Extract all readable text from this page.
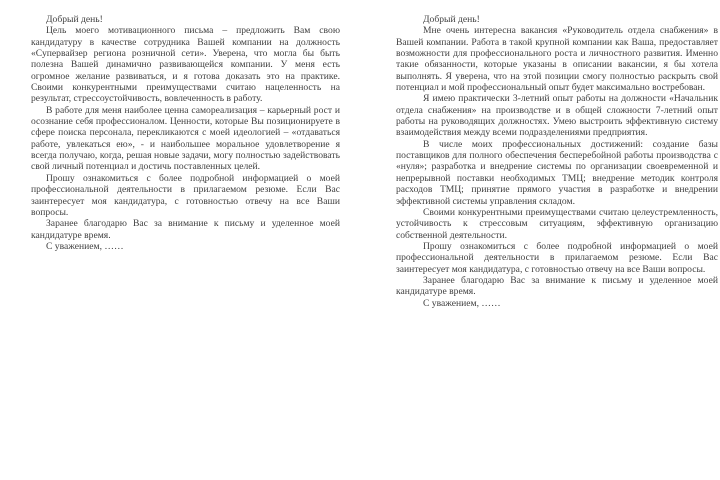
Добрый день!

Цель моего мотивационного письма – предложить Вам свою кандидатуру в качестве сотрудника Вашей компании на должность «Супервайзер региона розничной сети». Уверена, что могла бы быть полезна Вашей динамично развивающейся компании. У меня есть огромное желание развиваться, и я готова доказать это на практике. Своими конкурентными преимуществами считаю нацеленность на результат, стрессоустойчивость, вовлеченность в работу.

В работе для меня наиболее ценна самореализация – карьерный рост и осознание себя профессионалом. Ценности, которые Вы позиционируете в сфере поиска персонала, перекликаются с моей идеологией – «отдаваться работе, увлекаться ею», - и наибольшее моральное удовлетворение я всегда получаю, когда, решая новые задачи, могу полностью задействовать свой личный потенциал и достичь поставленных целей.

Прошу ознакомиться с более подробной информацией о моей профессиональной деятельности в прилагаемом резюме. Если Вас заинтересует моя кандидатура, с готовностью отвечу на все Ваши вопросы.

Заранее благодарю Вас за внимание к письму и уделенное моей кандидатуре время.

С уважением, ……

Добрый день!

Мне очень интересна вакансия «Руководитель отдела снабжения» в Вашей компании. Работа в такой крупной компании как Ваша, предоставляет возможности для профессионального роста и личностного развития. Именно такие обязанности, которые указаны в описании вакансии, я бы хотела выполнять. Я уверена, что на этой позиции смогу полностью раскрыть свой потенциал и мой профессиональный опыт будет максимально востребован.

Я имею практически 3-летний опыт работы на должности «Начальник отдела снабжения» на производстве и в общей сложности 7-летний опыт работы на руководящих должностях. Умею выстроить эффективную систему взаимодействия между всеми подразделениями предприятия.

В числе моих профессиональных достижений: создание базы поставщиков для полного обеспечения бесперебойной работы производства с «нуля»; разработка и внедрение системы по организации своевременной и непрерывной поставки необходимых ТМЦ; внедрение методик контроля расходов ТМЦ; принятие прямого участия в разработке и внедрении эффективной системы управления складом.

Своими конкурентными преимуществами считаю целеустремленность, устойчивость к стрессовым ситуациям, эффективную организацию собственной деятельности.

Прошу ознакомиться с более подробной информацией о моей профессиональной деятельности в прилагаемом резюме. Если Вас заинтересует моя кандидатура, с готовностью отвечу на все Ваши вопросы.

Заранее благодарю Вас за внимание к письму и уделенное моей кандидатуре время.

С уважением, ……
